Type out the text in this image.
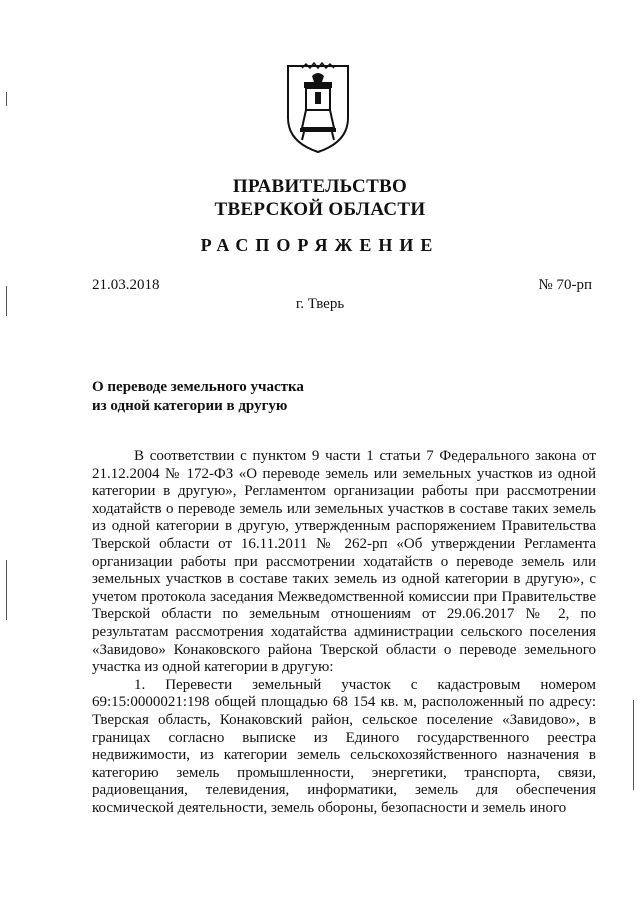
ПРАВИТЕЛЬСТВО
ТВЕРСКОЙ ОБЛАСТИ
РАСПОРЯЖЕНИЕ
21.03.2018	№ 70-рп
г. Тверь
О переводе земельного участка
из одной категории в другую

В соответствии с пунктом 9 части 1 статьи 7 Федерального закона от 21.12.2004 № 172-ФЗ «О переводе земель или земельных участков из одной категории в другую», Регламентом организации работы при рассмотрении ходатайств о переводе земель или земельных участков в составе таких земель из одной категории в другую, утвержденным распоряжением Правительства Тверской области от 16.11.2011 № 262-рп «Об утверждении Регламента организации работы при рассмотрении ходатайств о переводе земель или земельных участков в составе таких земель из одной категории в другую», с учетом протокола заседания Межведомственной комиссии при Правительстве Тверской области по земельным отношениям от 29.06.2017 № 2, по результатам рассмотрения ходатайства администрации сельского поселения «Завидово» Конаковского района Тверской области о переводе земельного участка из одной категории в другую:

1. Перевести земельный участок с кадастровым номером 69:15:0000021:198 общей площадью 68 154 кв. м, расположенный по адресу: Тверская область, Конаковский район, сельское поселение «Завидово», в границах согласно выписке из Единого государственного реестра недвижимости, из категории земель сельскохозяйственного назначения в категорию земель промышленности, энергетики, транспорта, связи, радиовещания, телевидения, информатики, земель для обеспечения космической деятельности, земель обороны, безопасности и земель иного
